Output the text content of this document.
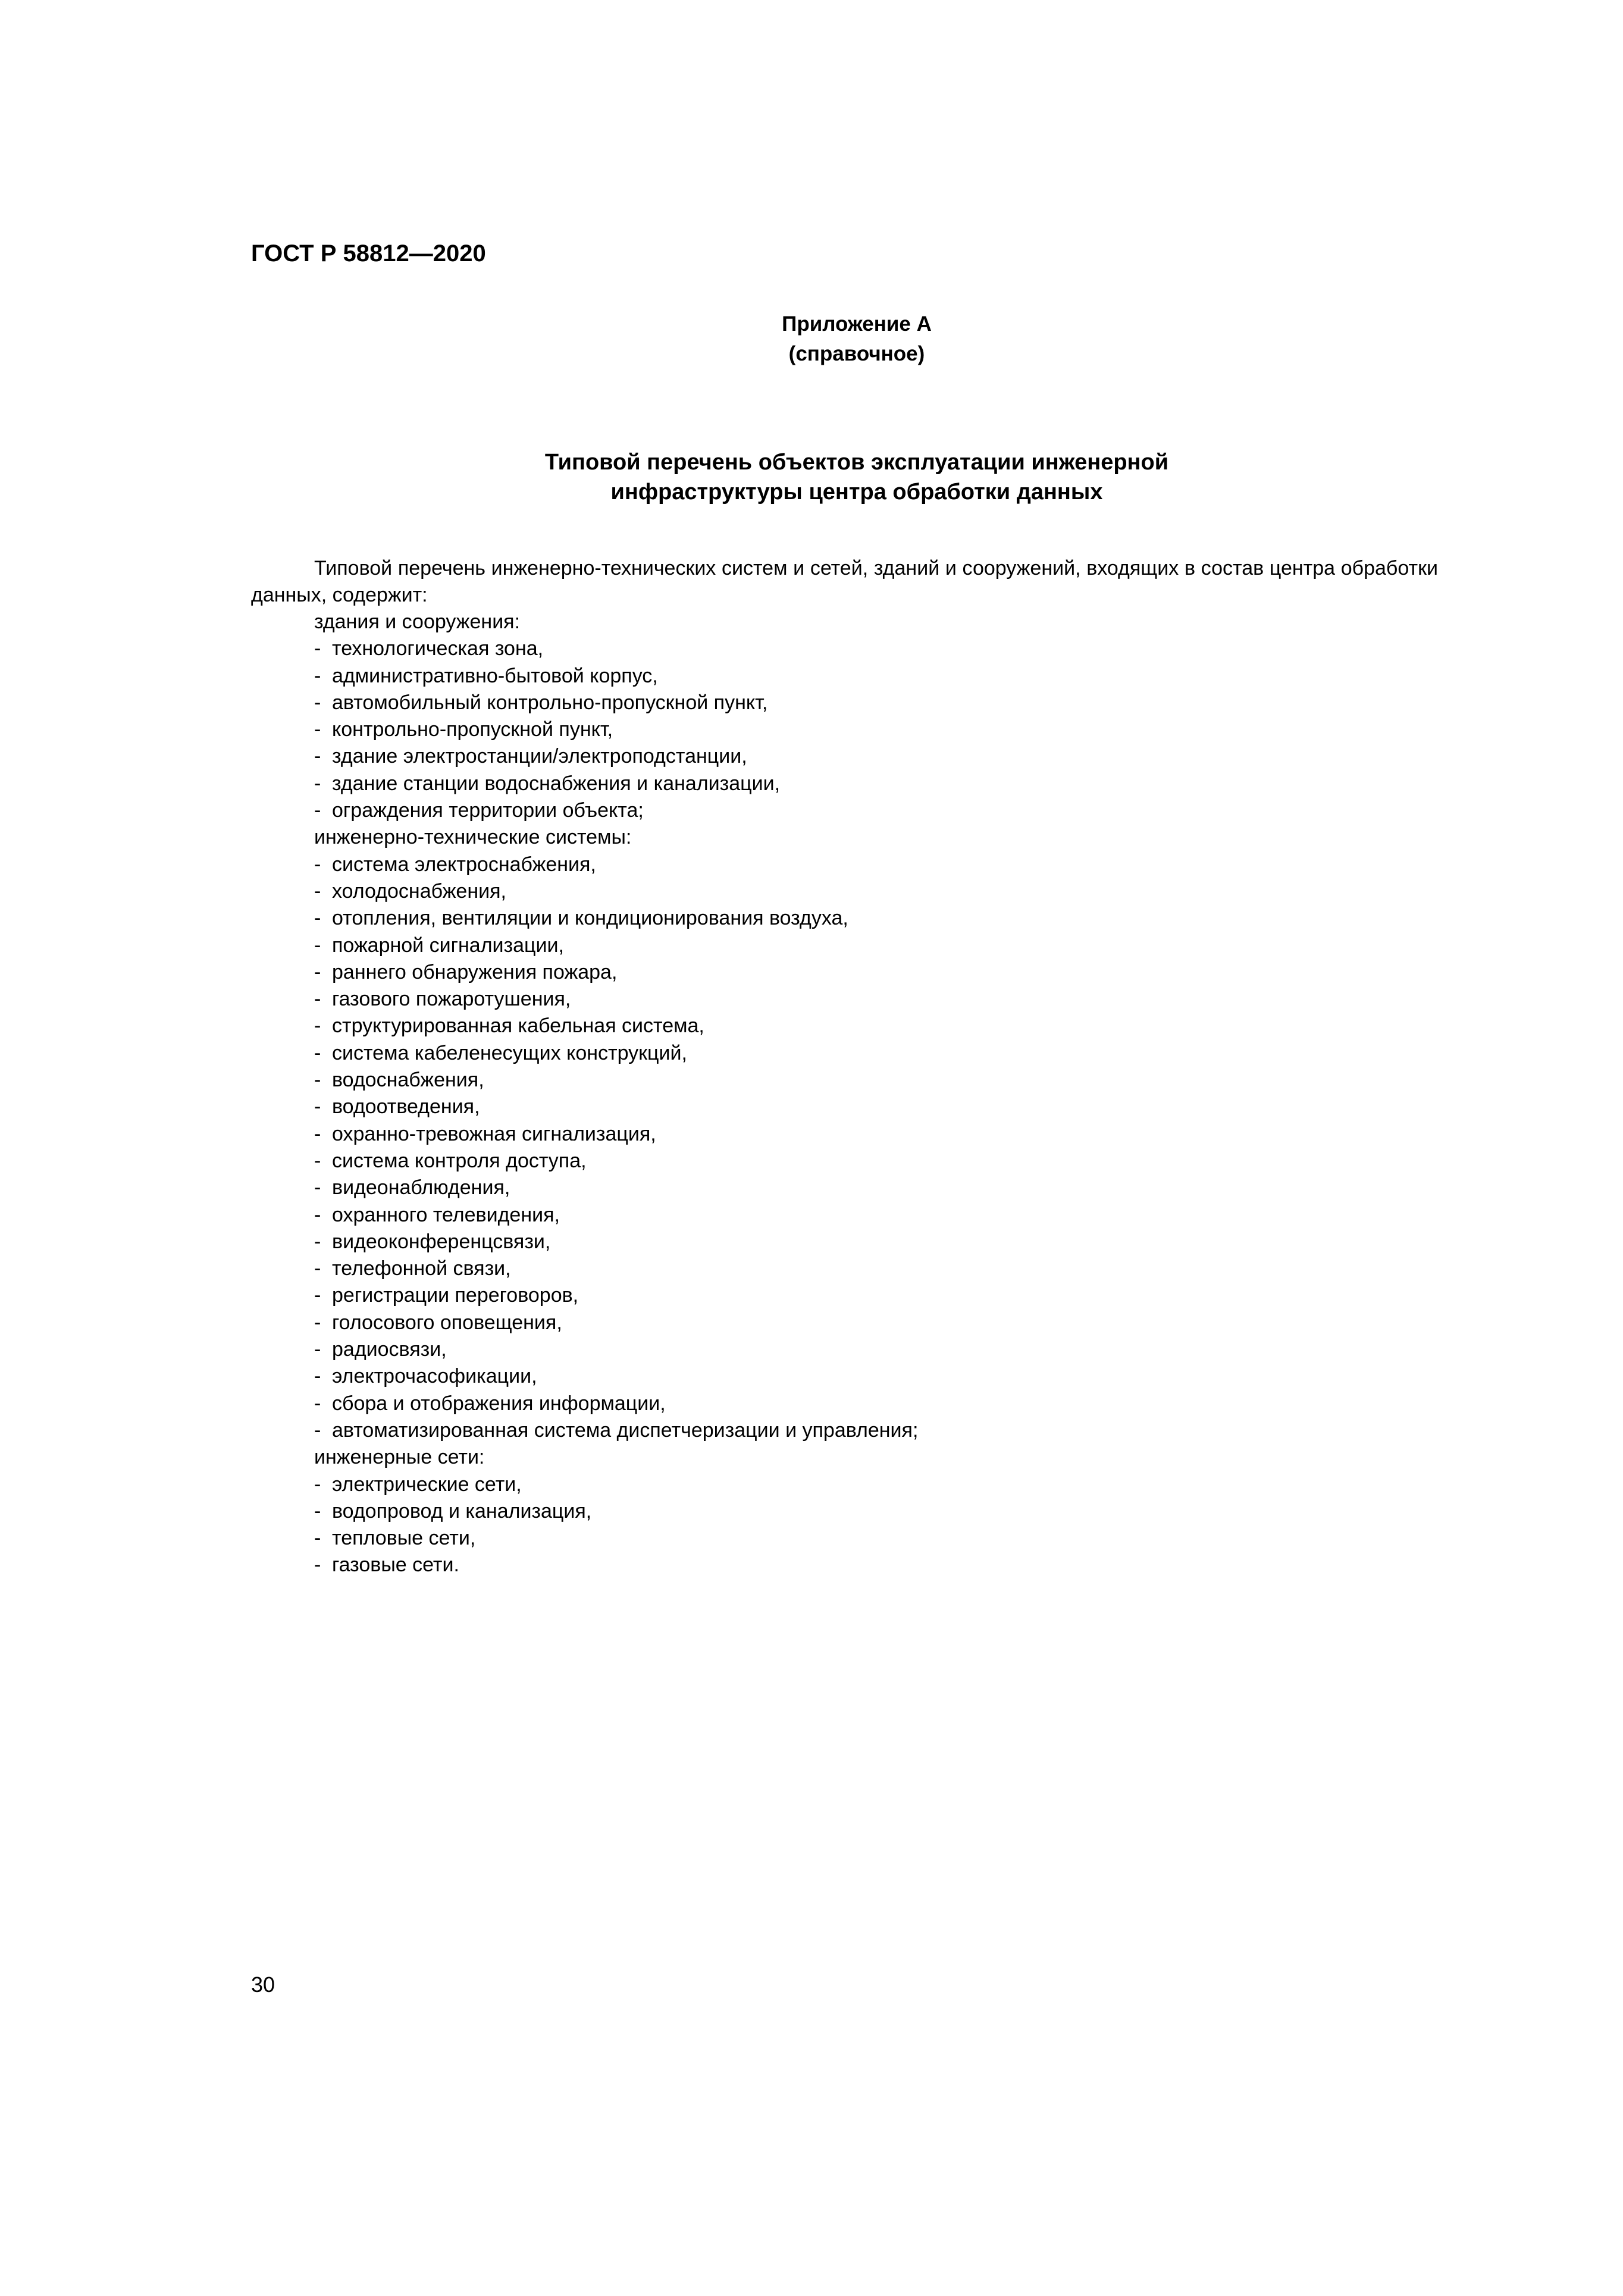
ГОСТ Р 58812—2020
Приложение А
(справочное)
Типовой перечень объектов эксплуатации инженерной
инфраструктуры центра обработки данных
Типовой перечень инженерно-технических систем и сетей, зданий и сооружений, входящих в состав центра обработки данных, содержит:
здания и сооружения:
- технологическая зона,
- административно-бытовой корпус,
- автомобильный контрольно-пропускной пункт,
- контрольно-пропускной пункт,
- здание электростанции/электроподстанции,
- здание станции водоснабжения и канализации,
- ограждения территории объекта;
инженерно-технические системы:
- система электроснабжения,
- холодоснабжения,
- отопления, вентиляции и кондиционирования воздуха,
- пожарной сигнализации,
- раннего обнаружения пожара,
- газового пожаротушения,
- структурированная кабельная система,
- система кабеленесущих конструкций,
- водоснабжения,
- водоотведения,
- охранно-тревожная сигнализация,
- система контроля доступа,
- видеонаблюдения,
- охранного телевидения,
- видеоконференцсвязи,
- телефонной связи,
- регистрации переговоров,
- голосового оповещения,
- радиосвязи,
- электрочасофикации,
- сбора и отображения информации,
- автоматизированная система диспетчеризации и управления;
инженерные сети:
- электрические сети,
- водопровод и канализация,
- тепловые сети,
- газовые сети.
30
